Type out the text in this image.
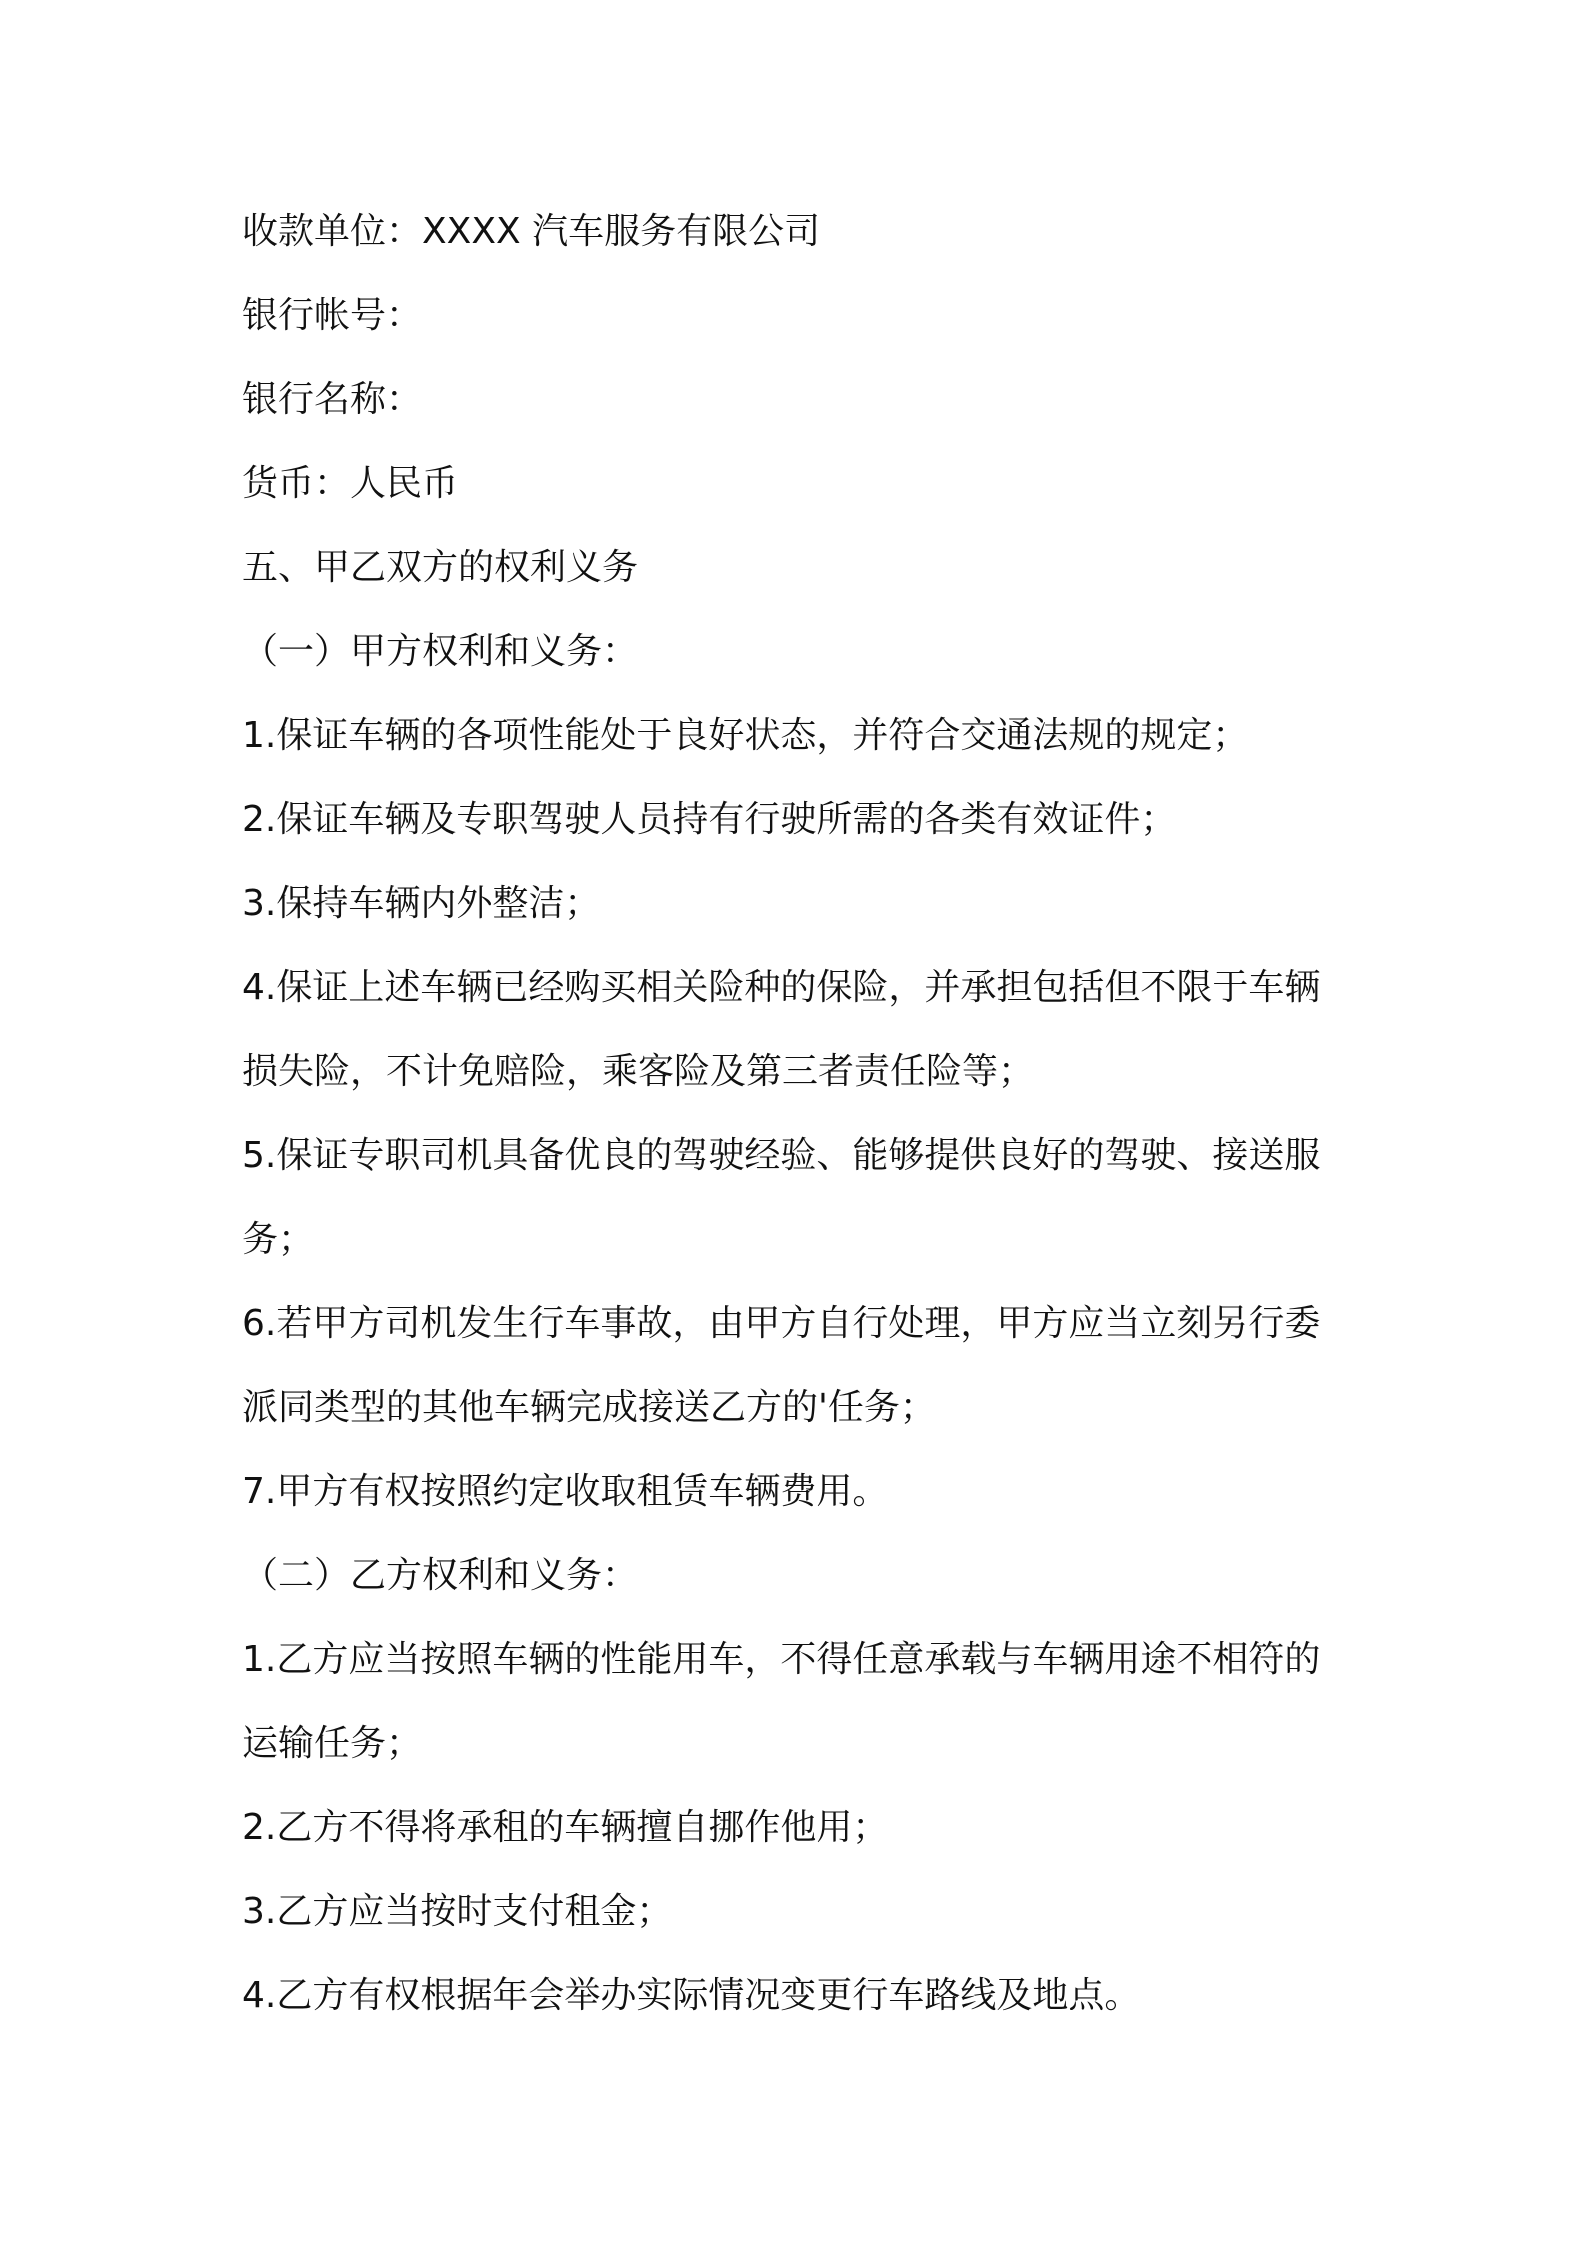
收款单位：XXXX 汽车服务有限公司
银行帐号：
银行名称：
货币：人民币
五、甲乙双方的权利义务
（一）甲方权利和义务：
1.保证车辆的各项性能处于良好状态，并符合交通法规的规定；
2.保证车辆及专职驾驶人员持有行驶所需的各类有效证件；
3.保持车辆内外整洁；
4.保证上述车辆已经购买相关险种的保险，并承担包括但不限于车辆
损失险，不计免赔险，乘客险及第三者责任险等；
5.保证专职司机具备优良的驾驶经验、能够提供良好的驾驶、接送服
务；
6.若甲方司机发生行车事故，由甲方自行处理，甲方应当立刻另行委
派同类型的其他车辆完成接送乙方的'任务；
7.甲方有权按照约定收取租赁车辆费用。
（二）乙方权利和义务：
1.乙方应当按照车辆的性能用车，不得任意承载与车辆用途不相符的
运输任务；
2.乙方不得将承租的车辆擅自挪作他用；
3.乙方应当按时支付租金；
4.乙方有权根据年会举办实际情况变更行车路线及地点。
